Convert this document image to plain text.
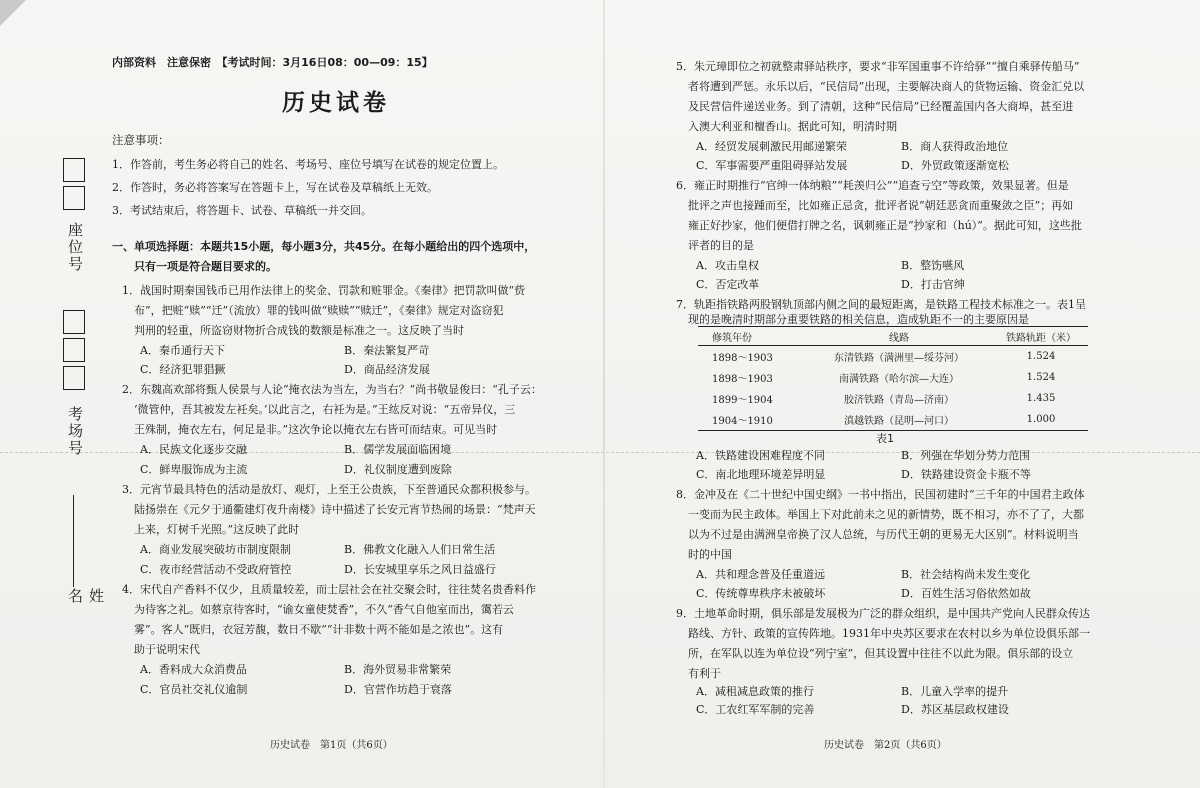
座位号
考场号
姓名
内部资料　注意保密　【考试时间：3月16日08：00—09：15】
历史试卷
注意事项：
1．作答前，考生务必将自己的姓名、考场号、座位号填写在试卷的规定位置上。
2．作答时，务必将答案写在答题卡上，写在试卷及草稿纸上无效。
3．考试结束后，将答题卡、试卷、草稿纸一并交回。
一、单项选择题：本题共15小题，每小题3分，共45分。在每小题给出的四个选项中，
只有一项是符合题目要求的。
1．战国时期秦国钱币已用作法律上的奖金、罚款和赃罪金。《秦律》把罚款叫做“赀
布”，把赃“赎”“迁”（流放）罪的钱叫做“赎赎”“赎迁”，《秦律》规定对盗窃犯
判刑的轻重，所盗窃财物折合成钱的数额是标准之一。这反映了当时
A．秦币通行天下	B．秦法繁复严苛
C．经济犯罪猖獗	D．商品经济发展
2．东魏高欢部将甄人侯景与人论“掩衣法为当左，为当右？”尚书敬显俊曰：“孔子云：
‘微管仲，吾其被发左衽矣。’以此言之，右衽为是。”王纮反对说：“五帝异仪，三
王殊制，掩衣左右，何足是非。”这次争论以掩衣左右皆可而结束。可见当时
A．民族文化逐步交融	B．儒学发展面临困境
C．鲜卑服饰成为主流	D．礼仪制度遭到废除
3．元宵节最具特色的活动是放灯、观灯，上至王公贵族，下至普通民众都积极参与。
陆扬崇在《元夕于通衢建灯夜升南楼》诗中描述了长安元宵节热闹的场景：“梵声天
上来，灯树千光照。”这反映了此时
A．商业发展突破坊市制度限制	B．佛教文化融入人们日常生活
C．夜市经营活动不受政府管控	D．长安城里享乐之风日益盛行
4．宋代自产香料不仅少，且质量较差，而士层社会在社交聚会时，往往焚名贵香料作
为待客之礼。如蔡京待客时，“谕女童使焚香”，不久“香气自他室而出，霭若云
雾”。客人“既归，衣冠芳馥，数日不歇”“计非数十两不能如是之浓也”。这有
助于说明宋代
A．香料成大众消费品	B．海外贸易非常繁荣
C．官员社交礼仪逾制	D．官营作坊趋于衰落
历史试卷　第1页（共6页）
5．朱元璋即位之初就整肃驿站秩序，要求“非军国重事不许给驿”“擅自乘驿传船马”
者将遭到严惩。永乐以后，“民信局”出现，主要解决商人的货物运输、资金汇兑以
及民营信件递送业务。到了清朝，这种“民信局”已经覆盖国内各大商埠，甚至进
入澳大利亚和檀香山。据此可知，明清时期
A．经贸发展刺激民用邮递繁荣	B．商人获得政治地位
C．军事需要严重阻碍驿站发展	D．外贸政策逐渐宽松
6．雍正时期推行“官绅一体纳粮”“耗羡归公”“追查亏空”等政策，效果显著。但是
批评之声也接踵而至，比如雍正忌贪，批评者说“朝廷恶贪而重聚敛之臣”；再如
雍正好抄家，他们便借打牌之名，讽刺雍正是“抄家和（hú）”。据此可知，这些批
评者的目的是
A．攻击皇权	B．整饬嚥风
C．否定改革	D．打击官绅
7．轨距指铁路两股钢轨顶部内侧之间的最短距离，是铁路工程技术标准之一。表1呈
现的是晚清时期部分重要铁路的相关信息，造成轨距不一的主要原因是
修筑年份	线路	铁路轨距（米）
1898～1903	东清铁路（满洲里—绥芬河）	1.524
1898～1903	南满铁路（哈尔滨—大连）	1.524
1899～1904	胶济铁路（青岛—济南）	1.435
1904～1910	滇越铁路（昆明—河口）	1.000
表1
A．铁路建设困难程度不同	B．列强在华划分势力范围
C．南北地理环境差异明显	D．铁路建设资金卡瓶不等
8．金冲及在《二十世纪中国史纲》一书中指出，民国初建时“三千年的中国君主政体
一变而为民主政体。举国上下对此前未之见的新情势，既不相习，亦不了了，大都
以为不过是由满洲皇帝换了汉人总统，与历代王朝的更易无大区别”。材料说明当
时的中国
A．共和理念普及任重道远	B．社会结构尚未发生变化
C．传统尊卑秩序未被破坏	D．百姓生活习俗依然如故
9．土地革命时期，俱乐部是发展极为广泛的群众组织，是中国共产党向人民群众传达
路线、方针、政策的宣传阵地。1931年中央苏区要求在农村以乡为单位设俱乐部一
所，在军队以连为单位设“列宁室”，但其设置中往往不以此为限。俱乐部的设立
有利于
A．减租减息政策的推行	B．儿童入学率的提升
C．工农红军军制的完善	D．苏区基层政权建设
历史试卷　第2页（共6页）
